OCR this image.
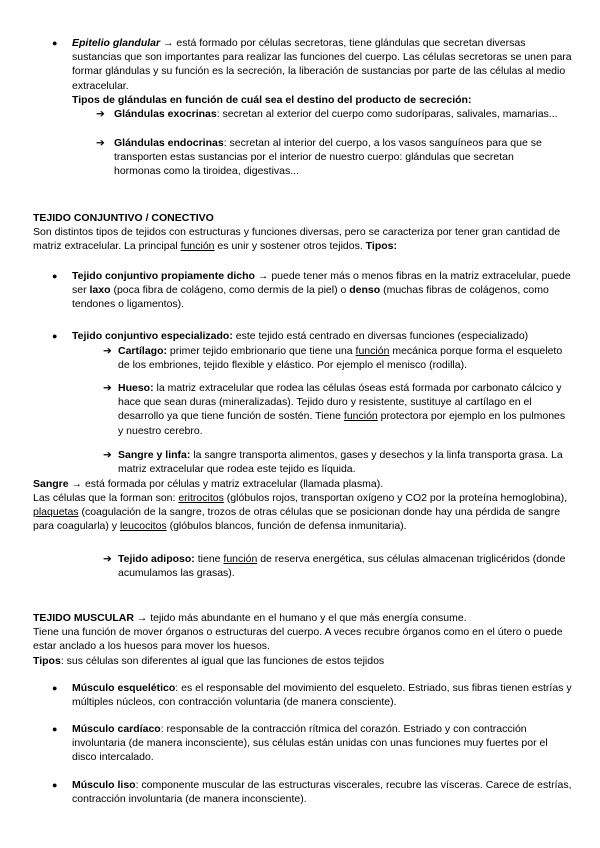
● Epitelio glandular → está formado por células secretoras, tiene glándulas que secretan diversas sustancias que son importantes para realizar las funciones del cuerpo. Las células secretoras se unen para formar glándulas y su función es la secreción, la liberación de sustancias por parte de las células al medio extracelular.
Tipos de glándulas en función de cuál sea el destino del producto de secreción:
➔ Glándulas exocrinas: secretan al exterior del cuerpo como sudoríparas, salivales, mamarias...
➔ Glándulas endocrinas: secretan al interior del cuerpo, a los vasos sanguíneos para que se transporten estas sustancias por el interior de nuestro cuerpo: glándulas que secretan hormonas como la tiroidea, digestivas...
TEJIDO CONJUNTIVO / CONECTIVO
Son distintos tipos de tejidos con estructuras y funciones diversas, pero se caracteriza por tener gran cantidad de matriz extracelular. La principal función es unir y sostener otros tejidos. Tipos:
● Tejido conjuntivo propiamente dicho → puede tener más o menos fibras en la matriz extracelular, puede ser laxo (poca fibra de colágeno, como dermis de la piel) o denso (muchas fibras de colágenos, como tendones o ligamentos).
● Tejido conjuntivo especializado: este tejido está centrado en diversas funciones (especializado)
➔ Cartílago: primer tejido embrionario que tiene una función mecánica porque forma el esqueleto de los embriones, tejido flexible y elástico. Por ejemplo el menisco (rodilla).
➔ Hueso: la matriz extracelular que rodea las células óseas está formada por carbonato cálcico y hace que sean duras (mineralizadas). Tejido duro y resistente, sustituye al cartílago en el desarrollo ya que tiene función de sostén. Tiene función protectora por ejemplo en los pulmones y nuestro cerebro.
➔ Sangre y linfa: la sangre transporta alimentos, gases y desechos y la linfa transporta grasa. La matriz extracelular que rodea este tejido es líquida.
Sangre → está formada por células y matriz extracelular (llamada plasma).
Las células que la forman son: eritrocitos (glóbulos rojos, transportan oxígeno y CO2 por la proteína hemoglobina), plaquetas (coagulación de la sangre, trozos de otras células que se posicionan donde hay una pérdida de sangre para coagularla) y leucocitos (glóbulos blancos, función de defensa inmunitaria).
➔ Tejido adiposo: tiene función de reserva energética, sus células almacenan triglicéridos (donde acumulamos las grasas).
TEJIDO MUSCULAR → tejido más abundante en el humano y el que más energía consume.
Tiene una función de mover órganos o estructuras del cuerpo. A veces recubre órganos como en el útero o puede estar anclado a los huesos para mover los huesos.
Tipos: sus células son diferentes al igual que las funciones de estos tejidos
● Músculo esquelético: es el responsable del movimiento del esqueleto. Estriado, sus fibras tienen estrías y múltiples núcleos, con contracción voluntaria (de manera consciente).
● Músculo cardíaco: responsable de la contracción rítmica del corazón. Estriado y con contracción involuntaria (de manera inconsciente), sus células están unidas con unas funciones muy fuertes por el disco intercalado.
● Músculo liso: componente muscular de las estructuras viscerales, recubre las vísceras. Carece de estrías, contracción involuntaria (de manera inconsciente).
